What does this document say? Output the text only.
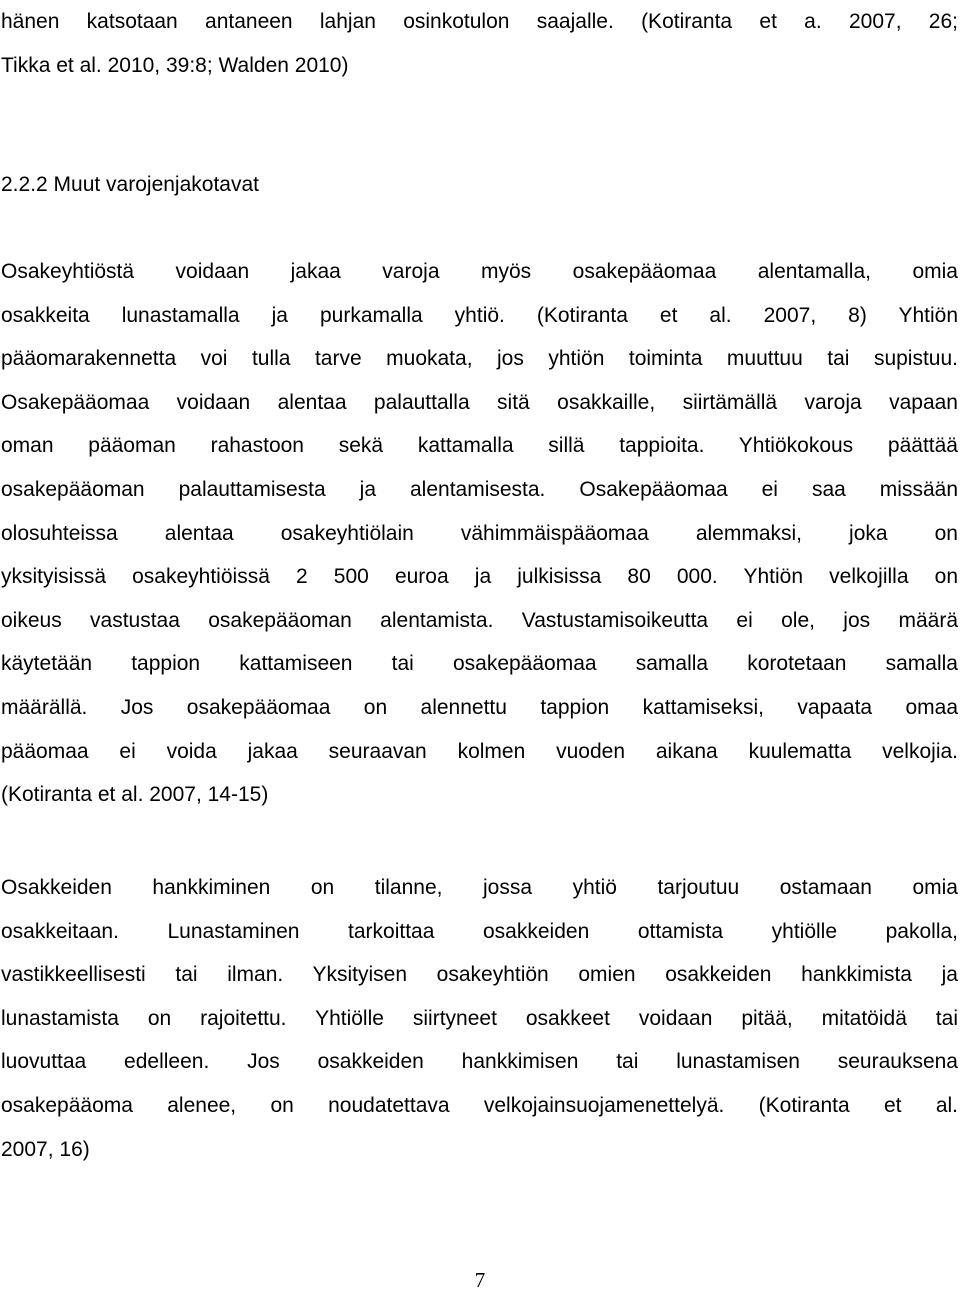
hänen katsotaan antaneen lahjan osinkotulon saajalle. (Kotiranta et a. 2007, 26;
Tikka et al. 2010, 39:8; Walden 2010)
2.2.2 Muut varojenjakotavat
Osakeyhtiöstä voidaan jakaa varoja myös osakepääomaa alentamalla, omia
osakkeita lunastamalla ja purkamalla yhtiö. (Kotiranta et al. 2007, 8) Yhtiön
pääomarakennetta voi tulla tarve muokata, jos yhtiön toiminta muuttuu tai supistuu.
Osakepääomaa voidaan alentaa palauttalla sitä osakkaille, siirtämällä varoja vapaan
oman pääoman rahastoon sekä kattamalla sillä tappioita. Yhtiökokous päättää
osakepääoman palauttamisesta ja alentamisesta. Osakepääomaa ei saa missään
olosuhteissa alentaa osakeyhtiölain vähimmäispääomaa alemmaksi, joka on
yksityisissä osakeyhtiöissä 2 500 euroa ja julkisissa 80 000. Yhtiön velkojilla on
oikeus vastustaa osakepääoman alentamista. Vastustamisoikeutta ei ole, jos määrä
käytetään tappion kattamiseen tai osakepääomaa samalla korotetaan samalla
määrällä. Jos osakepääomaa on alennettu tappion kattamiseksi, vapaata omaa
pääomaa ei voida jakaa seuraavan kolmen vuoden aikana kuulematta velkojia.
(Kotiranta et al. 2007, 14-15)
Osakkeiden hankkiminen on tilanne, jossa yhtiö tarjoutuu ostamaan omia
osakkeitaan. Lunastaminen tarkoittaa osakkeiden ottamista yhtiölle pakolla,
vastikkeellisesti tai ilman. Yksityisen osakeyhtiön omien osakkeiden hankkimista ja
lunastamista on rajoitettu. Yhtiölle siirtyneet osakkeet voidaan pitää, mitatöidä tai
luovuttaa edelleen. Jos osakkeiden hankkimisen tai lunastamisen seurauksena
osakepääoma alenee, on noudatettava velkojainsuojamenettelyä. (Kotiranta et al.
2007, 16)
7
